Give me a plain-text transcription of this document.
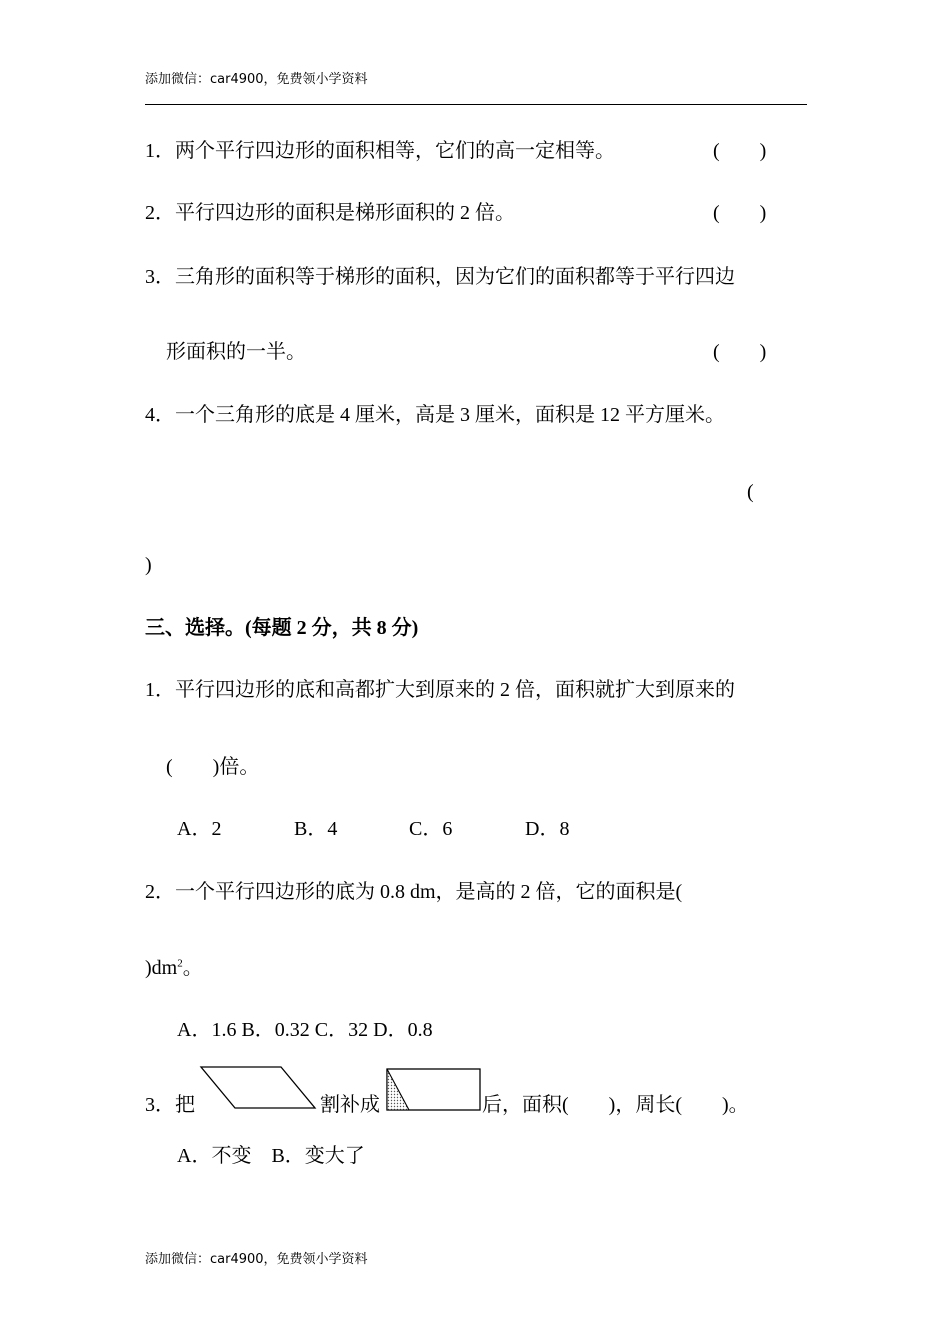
添加微信：car4900，免费领小学资料
1．两个平行四边形的面积相等，它们的高一定相等。	(　　)
2．平行四边形的面积是梯形面积的 2 倍。	(　　)
3．三角形的面积等于梯形的面积，因为它们的面积都等于平行四边
形面积的一半。	(　　)
4．一个三角形的底是 4 厘米，高是 3 厘米，面积是 12 平方厘米。
(
)
三、选择。(每题 2 分，共 8 分)
1．平行四边形的底和高都扩大到原来的 2 倍，面积就扩大到原来的
(　　)倍。
A．2	B．4	C．6	D．8
2．一个平行四边形的底为 0.8 dm，是高的 2 倍，它的面积是(
)$dm^2$。
A．1.6 B．0.32 C．32 D．0.8
3．把	割补成	后，面积(　　)，周长(　　)。
A．不变　B．变大了
添加微信：car4900，免费领小学资料
